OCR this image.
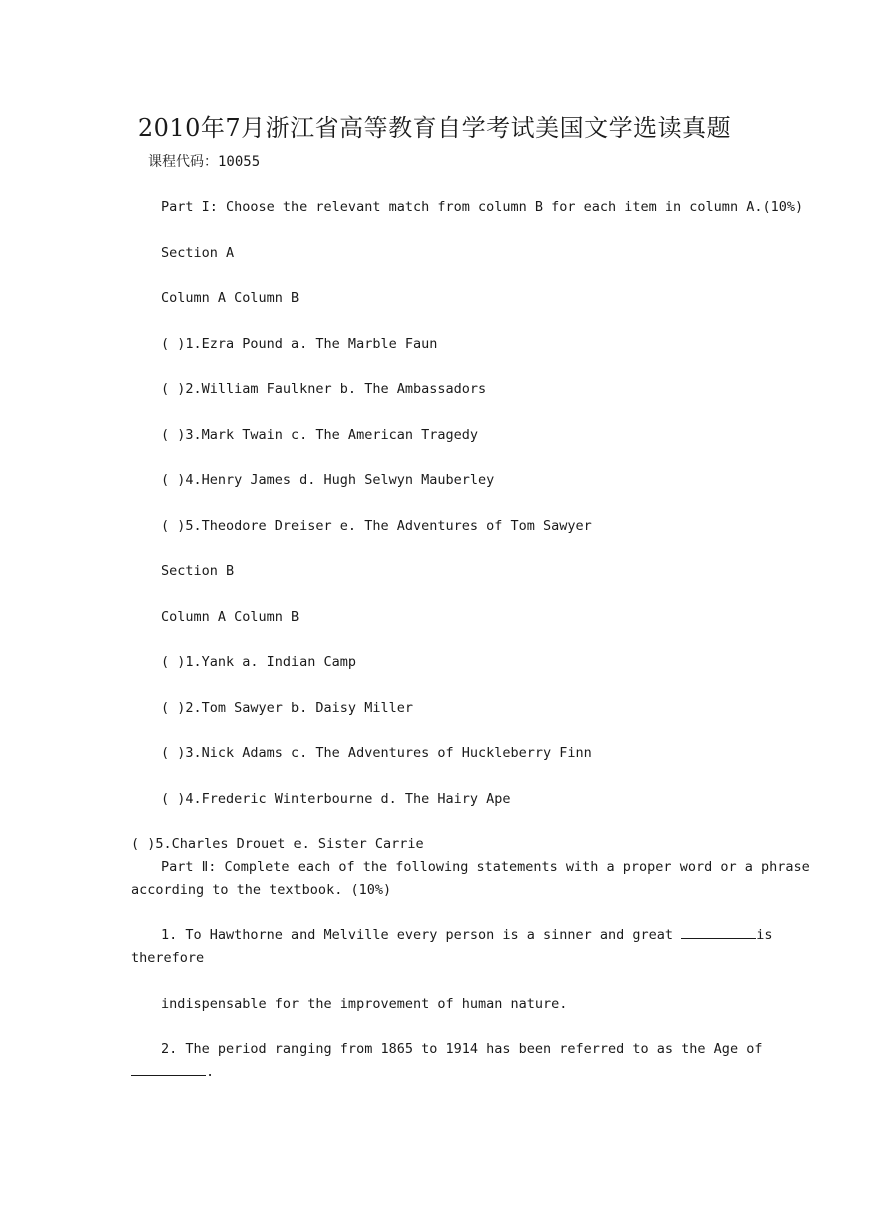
2010年7月浙江省高等教育自学考试美国文学选读真题
课程代码：10055
Part I: Choose the relevant match from column B for each item in column A.(10%)
Section A
Column A Column B
( )1.Ezra Pound a. The Marble Faun
( )2.William Faulkner b. The Ambassadors
( )3.Mark Twain c. The American Tragedy
( )4.Henry James d. Hugh Selwyn Mauberley
( )5.Theodore Dreiser e. The Adventures of Tom Sawyer
Section B
Column A Column B
( )1.Yank a. Indian Camp
( )2.Tom Sawyer b. Daisy Miller
( )3.Nick Adams c. The Adventures of Huckleberry Finn
( )4.Frederic Winterbourne d. The Hairy Ape
( )5.Charles Drouet e. Sister Carrie
Part Ⅱ: Complete each of the following statements with a proper word or a phrase
according to the textbook. (10%)
1. To Hawthorne and Melville every person is a sinner and great	is
therefore
indispensable for the improvement of human nature.
2. The period ranging from 1865 to 1914 has been referred to as the Age of
.
